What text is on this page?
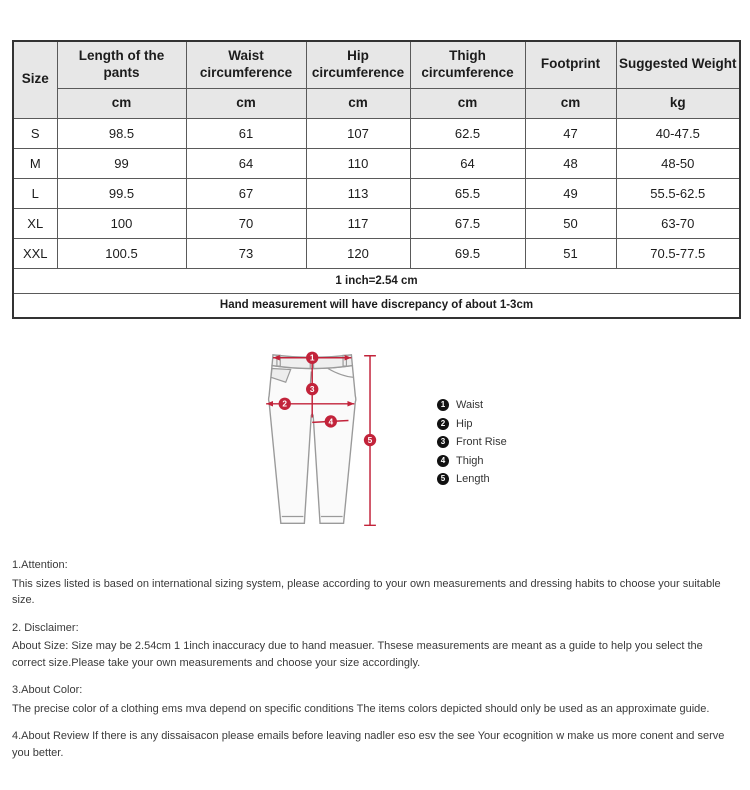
Size	Length of the pants	Waist circumference	Hip circumference	Thigh circumference	Footprint	Suggested Weight
	cm	cm	cm	cm	cm	kg
S	98.5	61	107	62.5	47	40-47.5
M	99	64	110	64	48	48-50
L	99.5	67	113	65.5	49	55.5-62.5
XL	100	70	117	67.5	50	63-70
XXL	100.5	73	120	69.5	51	70.5-77.5
1 inch=2.54 cm						
Hand measurement will have discrepancy of about 1-3cm						
1
2
3
4
5
1 Waist
2 Hip
3 Front Rise
4 Thigh
5 Length
1.Attention:
This sizes listed is based on international sizing system, please according to your own measurements and dressing habits to choose your suitable size.
2. Disclaimer:
About Size: Size may be 2.54cm 1 1inch inaccuracy due to hand measuer. Thsese measurements are meant as a guide to help you select the correct size.Please take your own measurements and choose your size accordingly.
3.About Color:
The precise color of a clothing ems mva depend on specific conditions The items colors depicted should only be used as an approximate guide.
4.About Review If there is any dissaisacon please emails before leaving nadler eso esv the see Your ecognition w make us more conent and serve you better.
